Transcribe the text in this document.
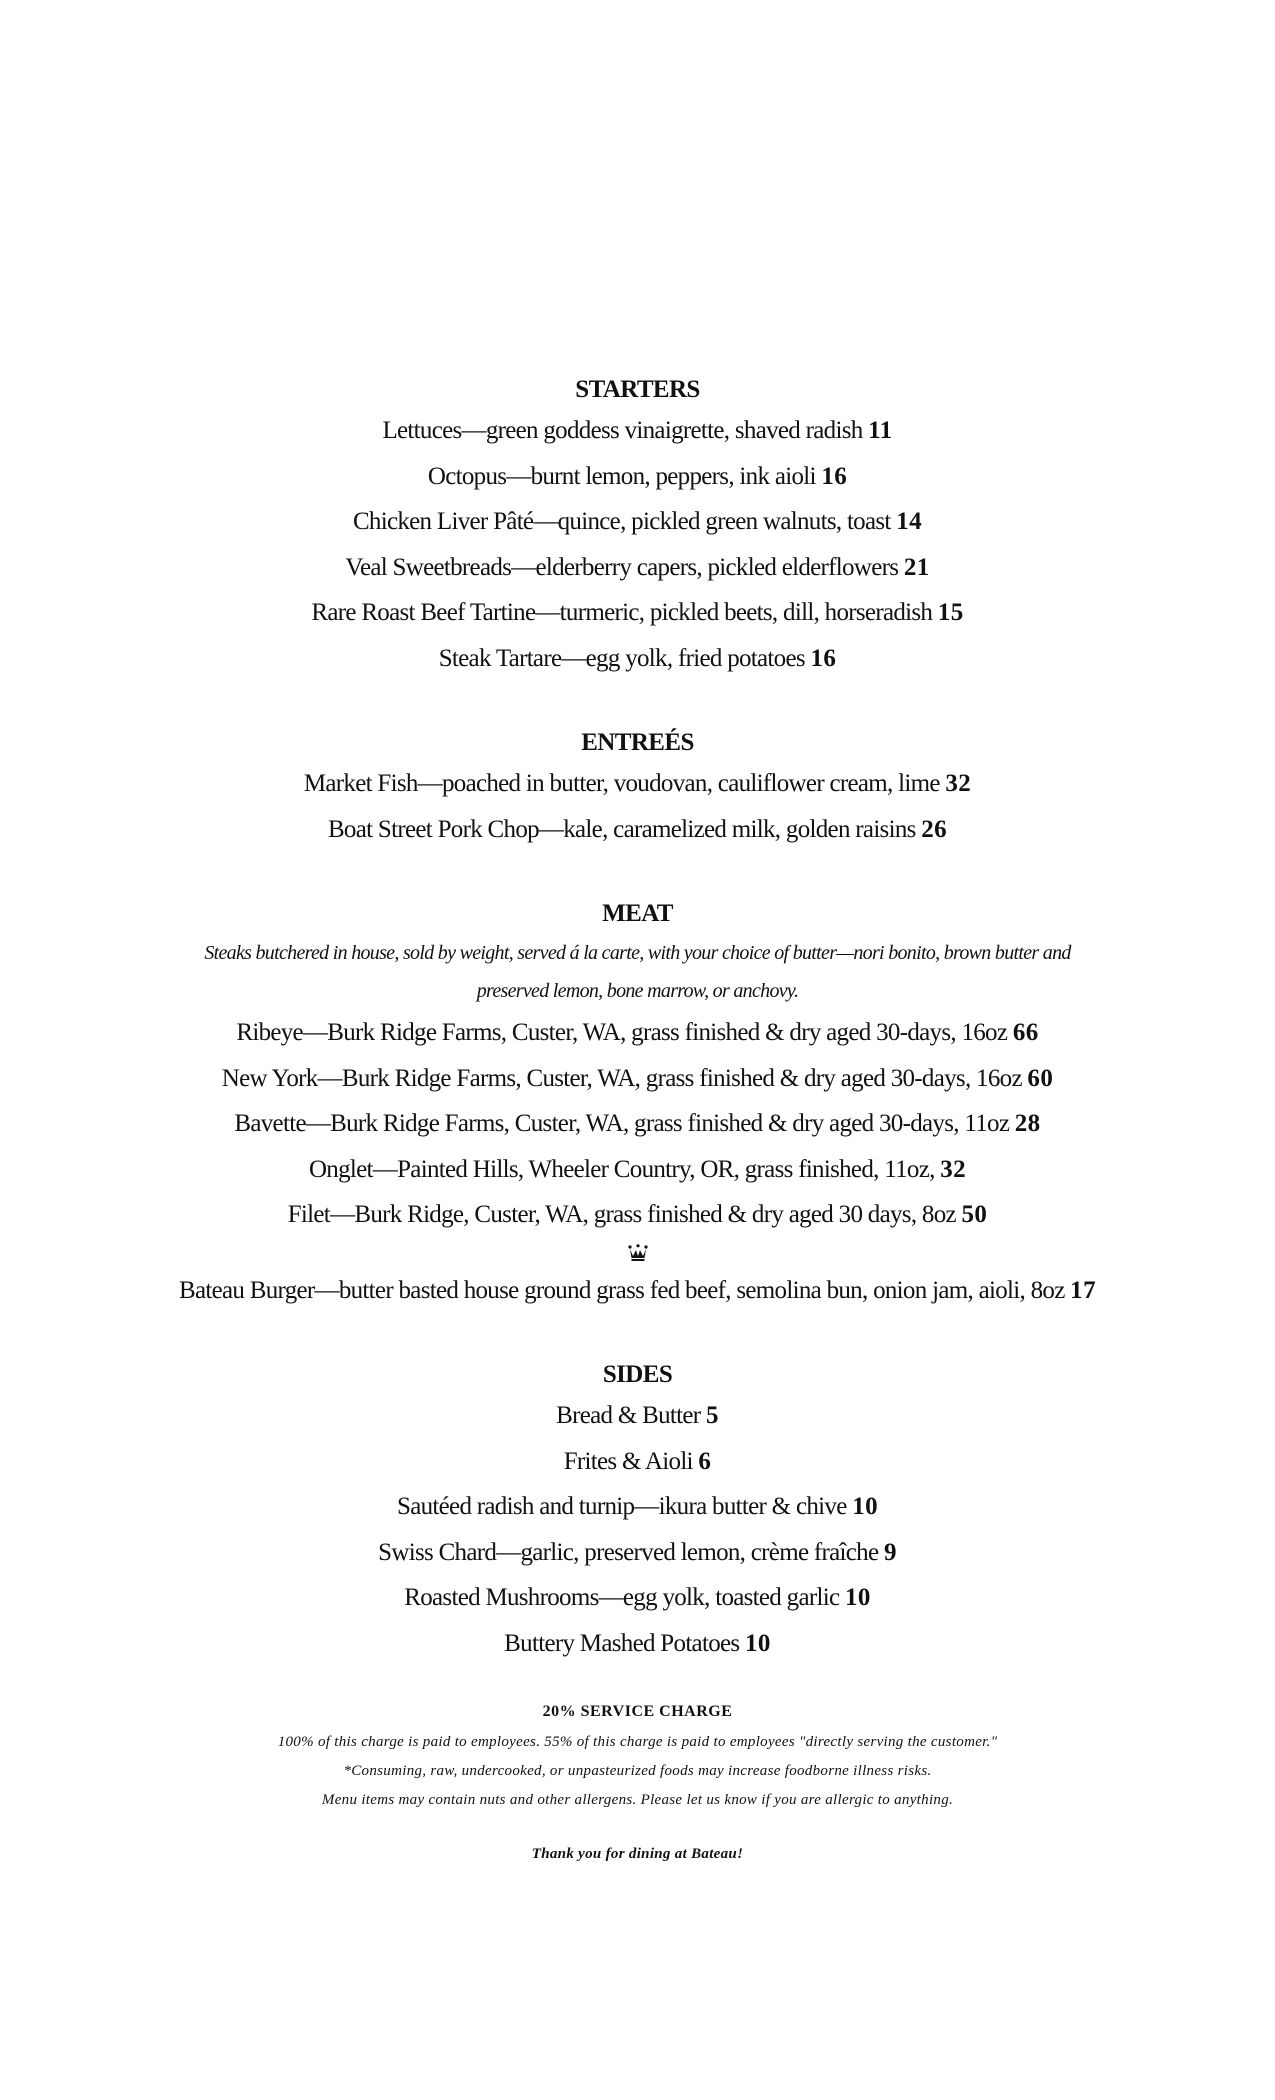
STARTERS

Lettuces—green goddess vinaigrette, shaved radish 11

Octopus—burnt lemon, peppers, ink aioli 16

Chicken Liver Pâté—quince, pickled green walnuts, toast 14

Veal Sweetbreads—elderberry capers, pickled elderflowers 21

Rare Roast Beef Tartine—turmeric, pickled beets, dill, horseradish 15

Steak Tartare—egg yolk, fried potatoes 16

ENTREÉS

Market Fish—poached in butter, voudovan, cauliflower cream, lime 32

Boat Street Pork Chop—kale, caramelized milk, golden raisins 26

MEAT

Steaks butchered in house, sold by weight, served á la carte, with your choice of butter—nori bonito, brown butter and
preserved lemon, bone marrow, or anchovy.

Ribeye—Burk Ridge Farms, Custer, WA, grass finished & dry aged 30-days, 16oz 66

New York—Burk Ridge Farms, Custer, WA, grass finished & dry aged 30-days, 16oz 60

Bavette—Burk Ridge Farms, Custer, WA, grass finished & dry aged 30-days, 11oz 28

Onglet—Painted Hills, Wheeler Country, OR, grass finished, 11oz, 32

Filet—Burk Ridge, Custer, WA, grass finished & dry aged 30 days, 8oz 50

Bateau Burger—butter basted house ground grass fed beef, semolina bun, onion jam, aioli, 8oz 17

SIDES

Bread & Butter 5

Frites & Aioli 6

Sautéed radish and turnip—ikura butter & chive 10

Swiss Chard—garlic, preserved lemon, crème fraîche 9

Roasted Mushrooms—egg yolk, toasted garlic 10

Buttery Mashed Potatoes 10

20% SERVICE CHARGE

100% of this charge is paid to employees. 55% of this charge is paid to employees "directly serving the customer."

*Consuming, raw, undercooked, or unpasteurized foods may increase foodborne illness risks.

Menu items may contain nuts and other allergens. Please let us know if you are allergic to anything.

Thank you for dining at Bateau!
